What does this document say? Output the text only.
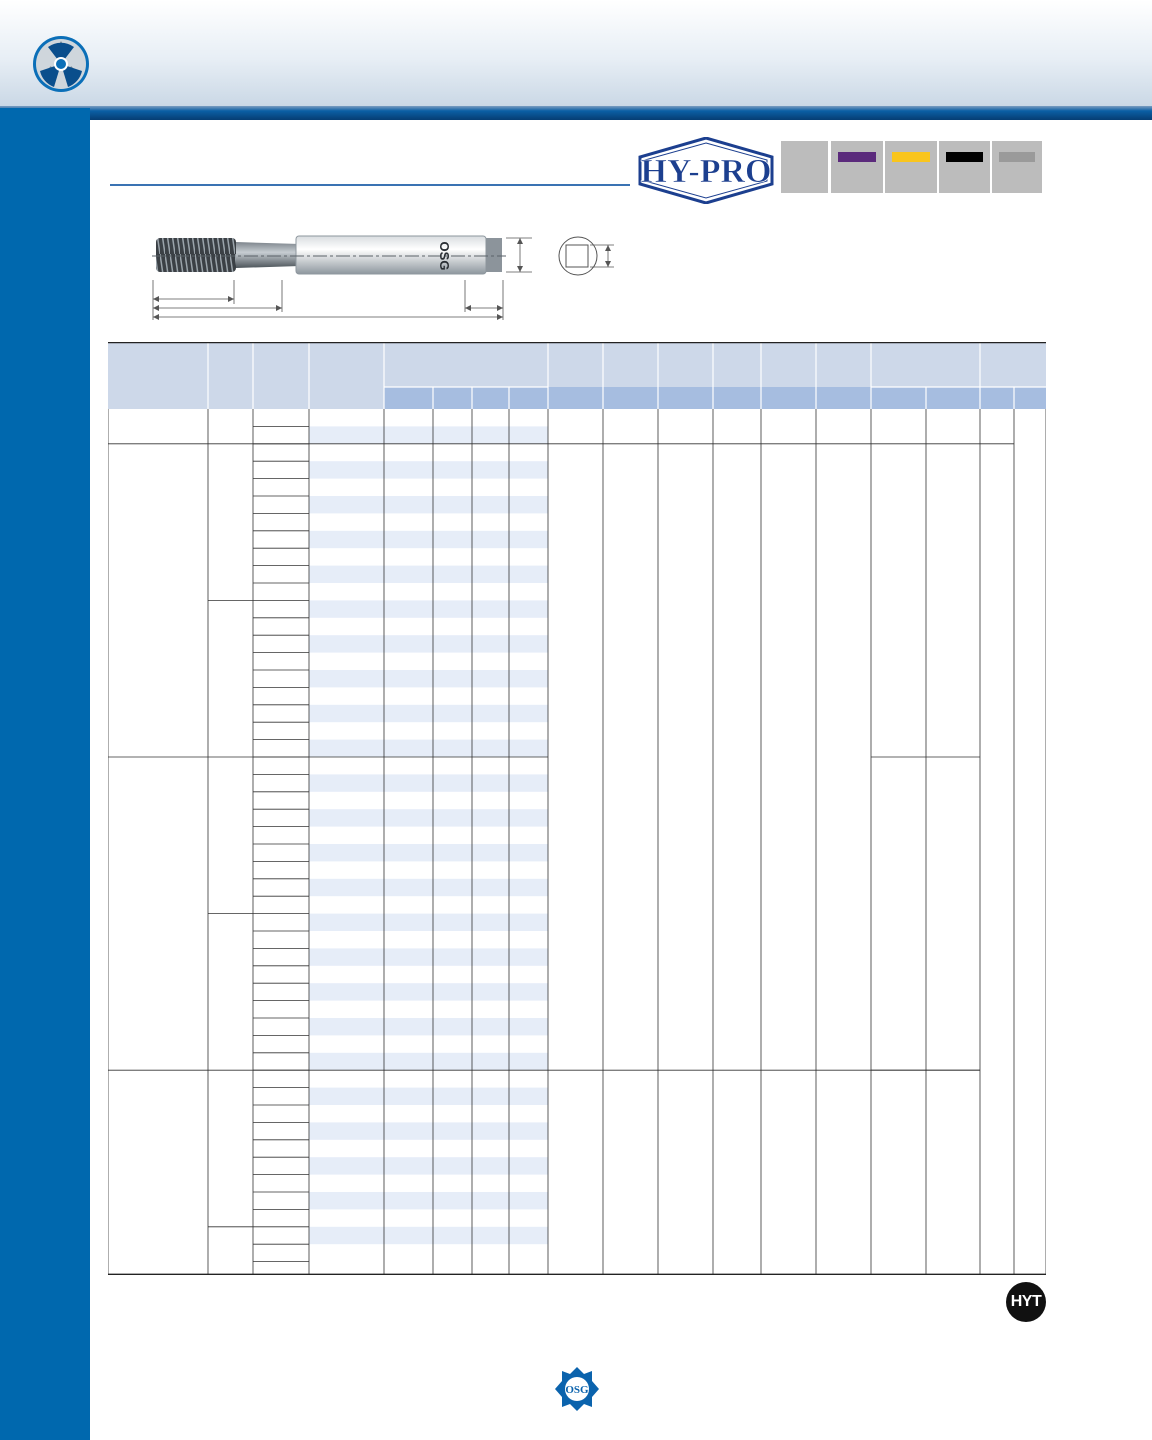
HY-PRO
OSG
HYT
OSG
